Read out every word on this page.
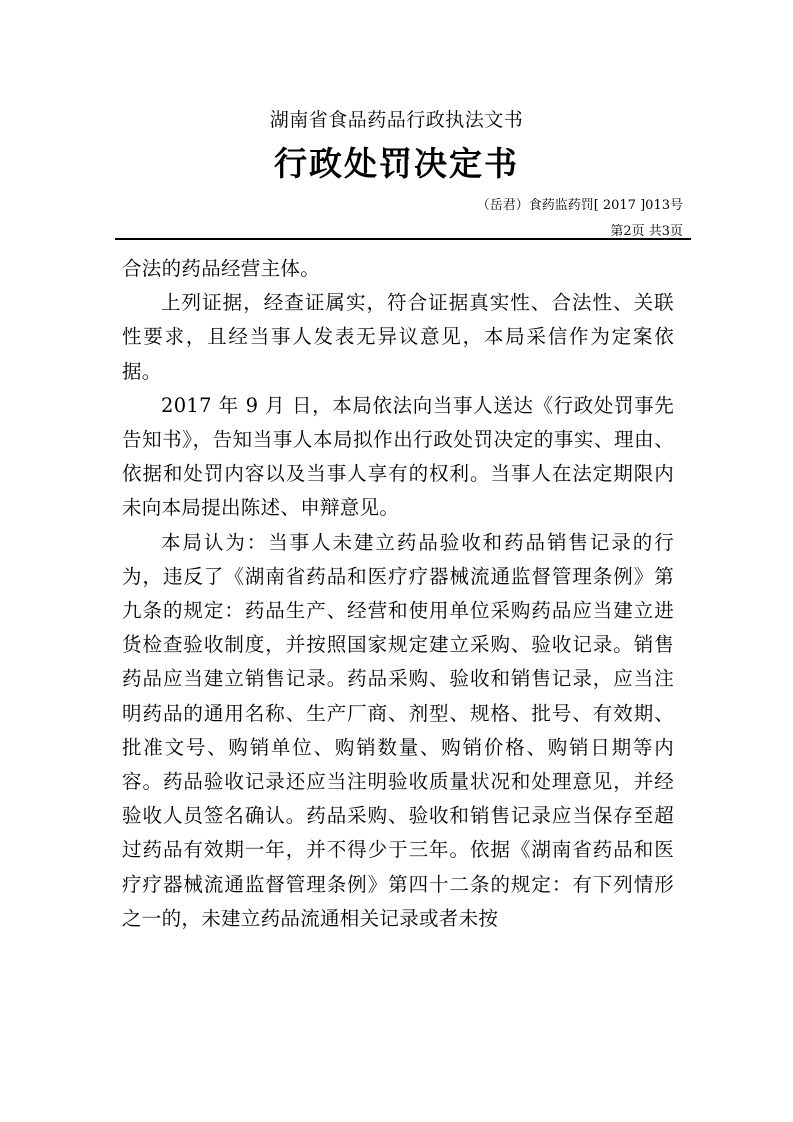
湖南省食品药品行政执法文书
行政处罚决定书
（岳君）食药监药罚[ 2017 ]013号
第2页 共3页

合法的药品经营主体。

上列证据，经查证属实，符合证据真实性、合法性、关联性要求，且经当事人发表无异议意见，本局采信作为定案依据。

2017 年 9 月 日，本局依法向当事人送达《行政处罚事先告知书》，告知当事人本局拟作出行政处罚决定的事实、理由、依据和处罚内容以及当事人享有的权利。当事人在法定期限内未向本局提出陈述、申辩意见。

本局认为：当事人未建立药品验收和药品销售记录的行为，违反了《湖南省药品和医疗疗器械流通监督管理条例》第九条的规定：药品生产、经营和使用单位采购药品应当建立进货检查验收制度，并按照国家规定建立采购、验收记录。销售药品应当建立销售记录。药品采购、验收和销售记录，应当注明药品的通用名称、生产厂商、剂型、规格、批号、有效期、批准文号、购销单位、购销数量、购销价格、购销日期等内容。药品验收记录还应当注明验收质量状况和处理意见，并经验收人员签名确认。药品采购、验收和销售记录应当保存至超过药品有效期一年，并不得少于三年。依据《湖南省药品和医疗疗器械流通监督管理条例》第四十二条的规定：有下列情形之一的，未建立药品流通相关记录或者未按
